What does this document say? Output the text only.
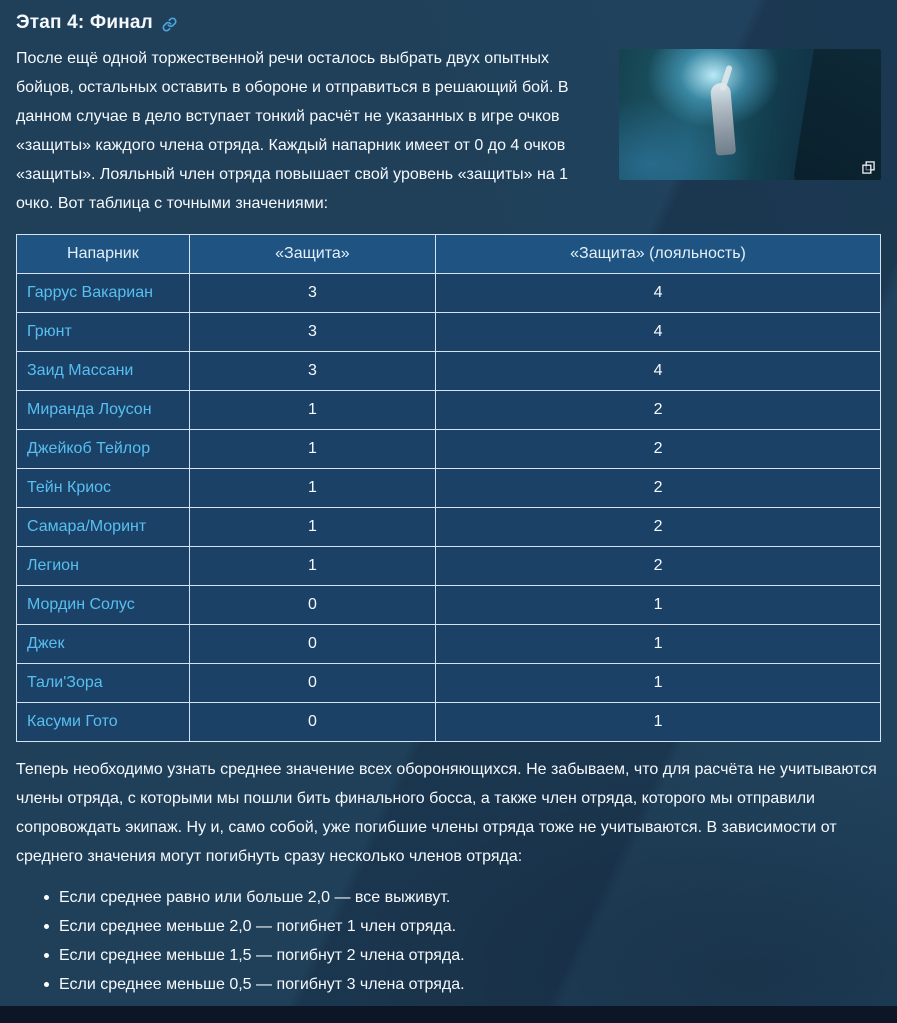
Этап 4: Финал

После ещё одной торжественной речи осталось выбрать двух опытных бойцов, остальных оставить в обороне и отправиться в решающий бой. В данном случае в дело вступает тонкий расчёт не указанных в игре очков «защиты» каждого члена отряда. Каждый напарник имеет от 0 до 4 очков «защиты». Лояльный член отряда повышает свой уровень «защиты» на 1 очко. Вот таблица с точными значениями:

Напарник	«Защита»	«Защита» (лояльность)
Гаррус Вакариан	3	4
Грюнт	3	4
Заид Массани	3	4
Миранда Лоусон	1	2
Джейкоб Тейлор	1	2
Тейн Криос	1	2
Самара/Моринт	1	2
Легион	1	2
Мордин Солус	0	1
Джек	0	1
Тали'Зора	0	1
Касуми Гото	0	1

Теперь необходимо узнать среднее значение всех обороняющихся. Не забываем, что для расчёта не учитываются члены отряда, с которыми мы пошли бить финального босса, а также член отряда, которого мы отправили сопровождать экипаж. Ну и, само собой, уже погибшие члены отряда тоже не учитываются. В зависимости от среднего значения могут погибнуть сразу несколько членов отряда:

Если среднее равно или больше 2,0 — все выживут.
Если среднее меньше 2,0 — погибнет 1 член отряда.
Если среднее меньше 1,5 — погибнут 2 члена отряда.
Если среднее меньше 0,5 — погибнут 3 члена отряда.
